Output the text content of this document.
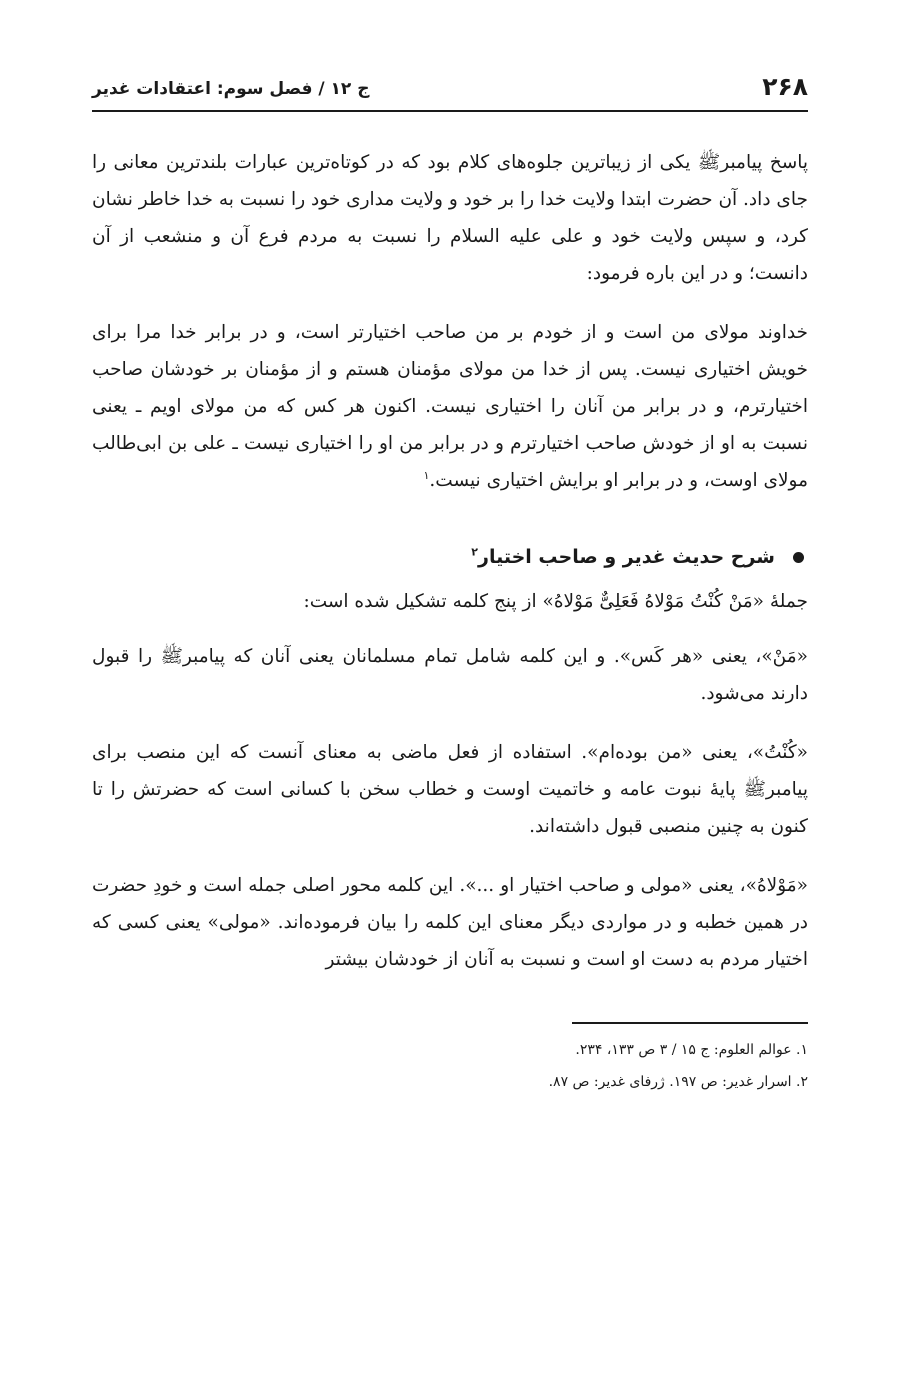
۲۶۸
ج ۱۲ / فصل سوم: اعتقادات غدیر

پاسخ پیامبرﷺ یکی از زیباترین جلوه‌های کلام بود که در کوتاه‌ترین عبارات بلندترین معانی را جای داد. آن حضرت ابتدا ولایت خدا را بر خود و ولایت مداری خود را نسبت به خدا خاطر نشان کرد، و سپس ولایت خود و علی علیه السلام را نسبت به مردم فرع آن و منشعب از آن دانست؛ و در این باره فرمود:

خداوند مولای من است و از خودم بر من صاحب اختیارتر است، و در برابر خدا مرا برای خویش اختیاری نیست. پس از خدا من مولای مؤمنان هستم و از مؤمنان بر خودشان صاحب اختیارترم، و در برابر من آنان را اختیاری نیست. اکنون هر کس که من مولای اویم ـ یعنی نسبت به او از خودش صاحب اختیارترم و در برابر من او را اختیاری نیست ـ علی بن ابی‌طالب مولای اوست، و در برابر او برایش اختیاری نیست.$^۱$

شرح حدیث غدیر و صاحب اختیار$^۲$

جملۀ «مَنْ کُنْتُ مَوْلاهُ فَعَلِیٌّ مَوْلاهُ» از پنج کلمه تشکیل شده است:

«مَنْ»، یعنی «هر کَس». و این کلمه شامل تمام مسلمانان یعنی آنان که پیامبرﷺ را قبول دارند می‌شود.

«کُنْتُ»، یعنی «من بوده‌ام». استفاده از فعل ماضی به معنای آنست که این منصب برای پیامبرﷺ پایۀ نبوت عامه و خاتمیت اوست و خطاب سخن با کسانی است که حضرتش را تا کنون به چنین منصبی قبول داشته‌اند.

«مَوْلاهُ»، یعنی «مولی و صاحب اختیار او ...». این کلمه محور اصلی جمله است و خودِ حضرت در همین خطبه و در مواردی دیگر معنای این کلمه را بیان فرموده‌اند. «مولی» یعنی کسی که اختیار مردم به دست او است و نسبت به آنان از خودشان بیشتر

۱. عوالم العلوم: ج ۱۵ / ۳ ص ۱۳۳، ۲۳۴.
۲. اسرار غدیر: ص ۱۹۷. ژرفای غدیر: ص ۸۷.
